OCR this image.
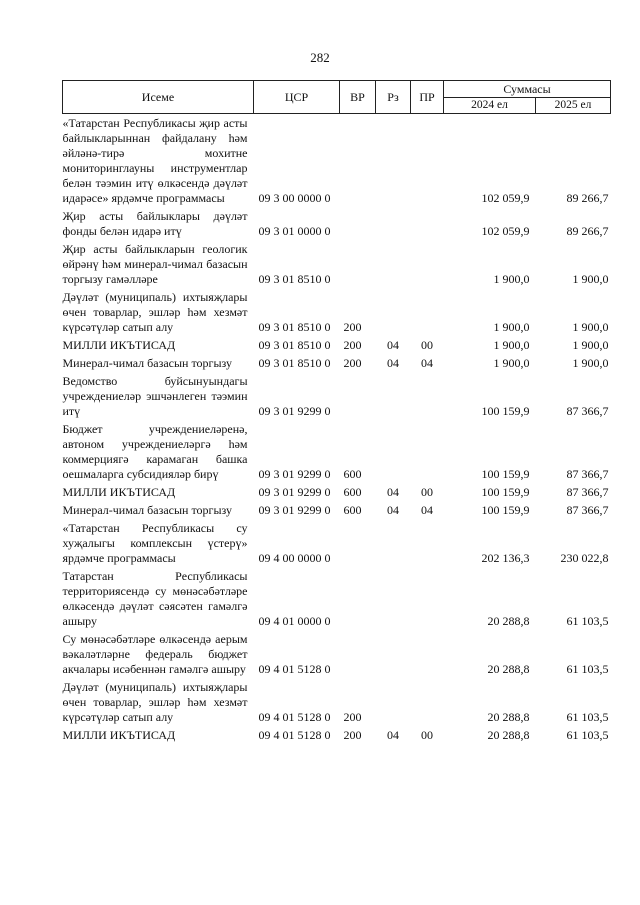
282
Исеме	ЦСР	ВР	Рз	ПР	Суммасы	
					2024 ел	2025 ел
«Татарстан Республикасы җир асты байлыкларыннан файдалану һәм әйләнә-тирә мохитне мониторинглауны инструментлар белән тәэмин итү өлкәсендә дәүләт идарәсе» ярдәмче программасы	09 3 00 0000 0				102 059,9	89 266,7
Җир асты байлыклары дәүләт фонды белән идарә итү	09 3 01 0000 0				102 059,9	89 266,7
Җир асты байлыкларын геологик өйрәнү һәм минерал-чимал базасын торгызу гамәлләре	09 3 01 8510 0				1 900,0	1 900,0
Дәүләт (муниципаль) ихтыяҗлары өчен товарлар, эшләр һәм хезмәт күрсәтүләр сатып алу	09 3 01 8510 0	200			1 900,0	1 900,0
МИЛЛИ ИКЪТИСАД	09 3 01 8510 0	200	04	00	1 900,0	1 900,0
Минерал-чимал базасын торгызу	09 3 01 8510 0	200	04	04	1 900,0	1 900,0
Ведомство буйсынуындагы учреждениеләр эшчәнлеген тәэмин итү	09 3 01 9299 0				100 159,9	87 366,7
Бюджет учреждениеләренә, автоном учреждениеләргә һәм коммерциягә карамаган башка оешмаларга субсидияләр бирү	09 3 01 9299 0	600			100 159,9	87 366,7
МИЛЛИ ИКЪТИСАД	09 3 01 9299 0	600	04	00	100 159,9	87 366,7
Минерал-чимал базасын торгызу	09 3 01 9299 0	600	04	04	100 159,9	87 366,7
«Татарстан Республикасы су хуҗалыгы комплексын үстерү» ярдәмче программасы	09 4 00 0000 0				202 136,3	230 022,8
Татарстан Республикасы территориясендә су мөнәсәбәтләре өлкәсендә дәүләт сәясәтен гамәлгә ашыру	09 4 01 0000 0				20 288,8	61 103,5
Су мөнәсәбәтләре өлкәсендә аерым вәкаләтләрне федераль бюджет акчалары исәбеннән гамәлгә ашыру	09 4 01 5128 0				20 288,8	61 103,5
Дәүләт (муниципаль) ихтыяҗлары өчен товарлар, эшләр һәм хезмәт күрсәтүләр сатып алу	09 4 01 5128 0	200			20 288,8	61 103,5
МИЛЛИ ИКЪТИСАД	09 4 01 5128 0	200	04	00	20 288,8	61 103,5
